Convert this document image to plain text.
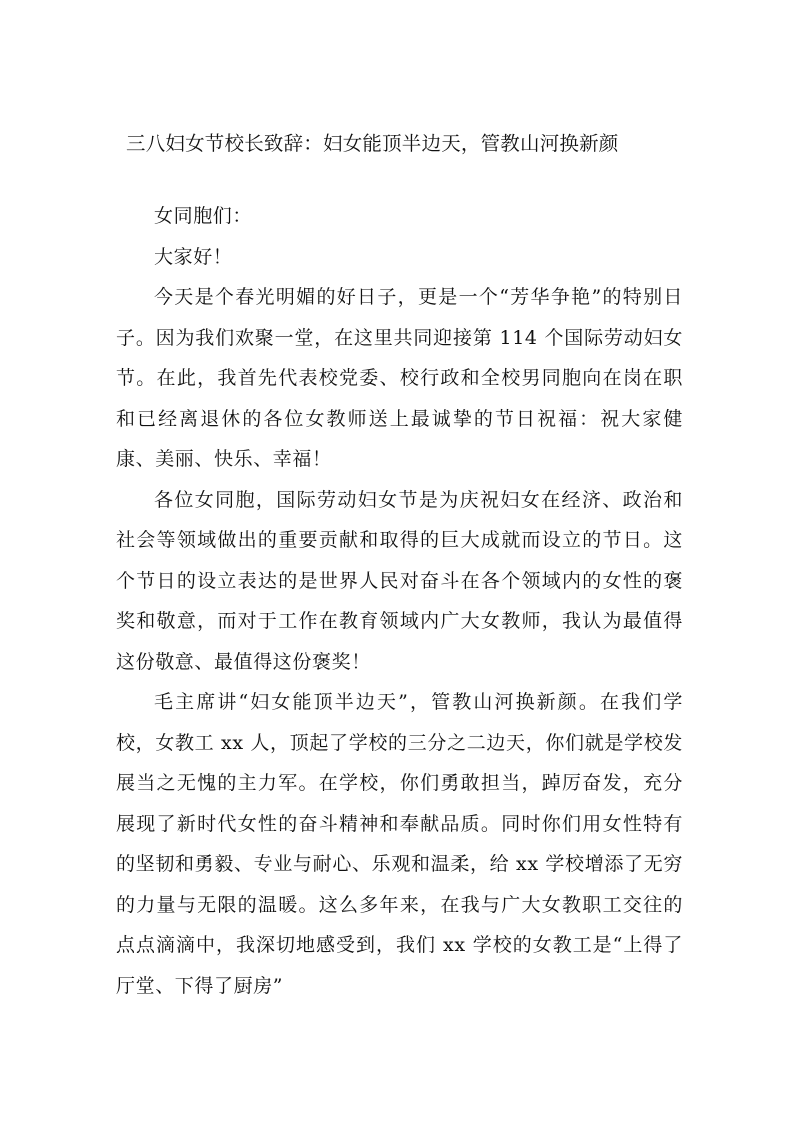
三八妇女节校长致辞：妇女能顶半边天，管教山河换新颜

女同胞们：

大家好！

今天是个春光明媚的好日子，更是一个“芳华争艳”的特别日子。因为我们欢聚一堂，在这里共同迎接第 114 个国际劳动妇女节。在此，我首先代表校党委、校行政和全校男同胞向在岗在职和已经离退休的各位女教师送上最诚挚的节日祝福：祝大家健康、美丽、快乐、幸福！

各位女同胞，国际劳动妇女节是为庆祝妇女在经济、政治和社会等领域做出的重要贡献和取得的巨大成就而设立的节日。这个节日的设立表达的是世界人民对奋斗在各个领域内的女性的褒奖和敬意，而对于工作在教育领域内广大女教师，我认为最值得这份敬意、最值得这份褒奖！

毛主席讲“妇女能顶半边天”，管教山河换新颜。在我们学校，女教工 xx 人，顶起了学校的三分之二边天，你们就是学校发展当之无愧的主力军。在学校，你们勇敢担当，踔厉奋发，充分展现了新时代女性的奋斗精神和奉献品质。同时你们用女性特有的坚韧和勇毅、专业与耐心、乐观和温柔，给 xx 学校增添了无穷的力量与无限的温暖。这么多年来，在我与广大女教职工交往的点点滴滴中，我深切地感受到，我们 xx 学校的女教工是“上得了厅堂、下得了厨房”
